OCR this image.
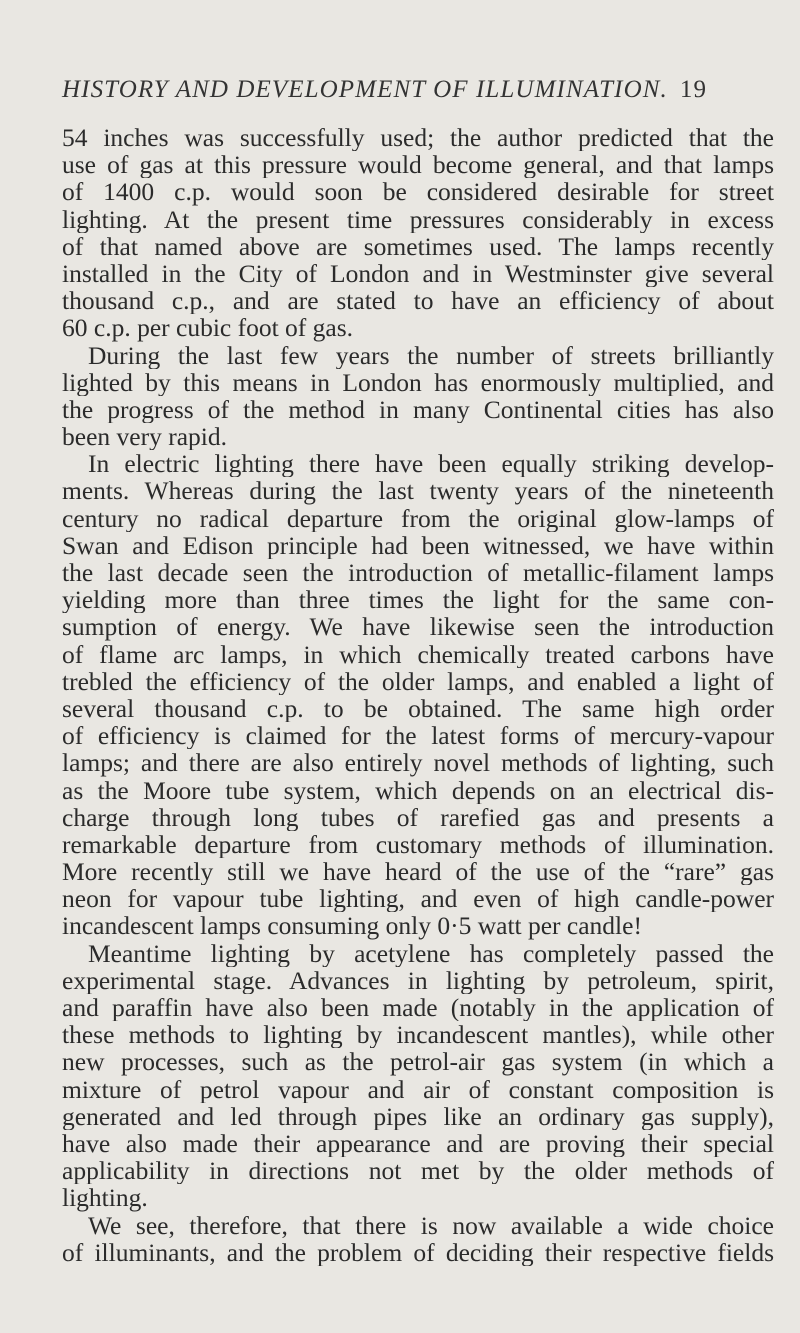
HISTORY AND DEVELOPMENT OF ILLUMINATION. 19
54 inches was successfully used; the author predicted that the
use of gas at this pressure would become general, and that lamps
of 1400 c.p. would soon be considered desirable for street
lighting. At the present time pressures considerably in excess
of that named above are sometimes used. The lamps recently
installed in the City of London and in Westminster give several
thousand c.p., and are stated to have an efficiency of about
60 c.p. per cubic foot of gas.
During the last few years the number of streets brilliantly
lighted by this means in London has enormously multiplied, and
the progress of the method in many Continental cities has also
been very rapid.
In electric lighting there have been equally striking develop-
ments. Whereas during the last twenty years of the nineteenth
century no radical departure from the original glow-lamps of
Swan and Edison principle had been witnessed, we have within
the last decade seen the introduction of metallic-filament lamps
yielding more than three times the light for the same con-
sumption of energy. We have likewise seen the introduction
of flame arc lamps, in which chemically treated carbons have
trebled the efficiency of the older lamps, and enabled a light of
several thousand c.p. to be obtained. The same high order
of efficiency is claimed for the latest forms of mercury-vapour
lamps; and there are also entirely novel methods of lighting, such
as the Moore tube system, which depends on an electrical dis-
charge through long tubes of rarefied gas and presents a
remarkable departure from customary methods of illumination.
More recently still we have heard of the use of the “rare” gas
neon for vapour tube lighting, and even of high candle-power
incandescent lamps consuming only 0·5 watt per candle!
Meantime lighting by acetylene has completely passed the
experimental stage. Advances in lighting by petroleum, spirit,
and paraffin have also been made (notably in the application of
these methods to lighting by incandescent mantles), while other
new processes, such as the petrol-air gas system (in which a
mixture of petrol vapour and air of constant composition is
generated and led through pipes like an ordinary gas supply),
have also made their appearance and are proving their special
applicability in directions not met by the older methods of
lighting.
We see, therefore, that there is now available a wide choice
of illuminants, and the problem of deciding their respective fields
